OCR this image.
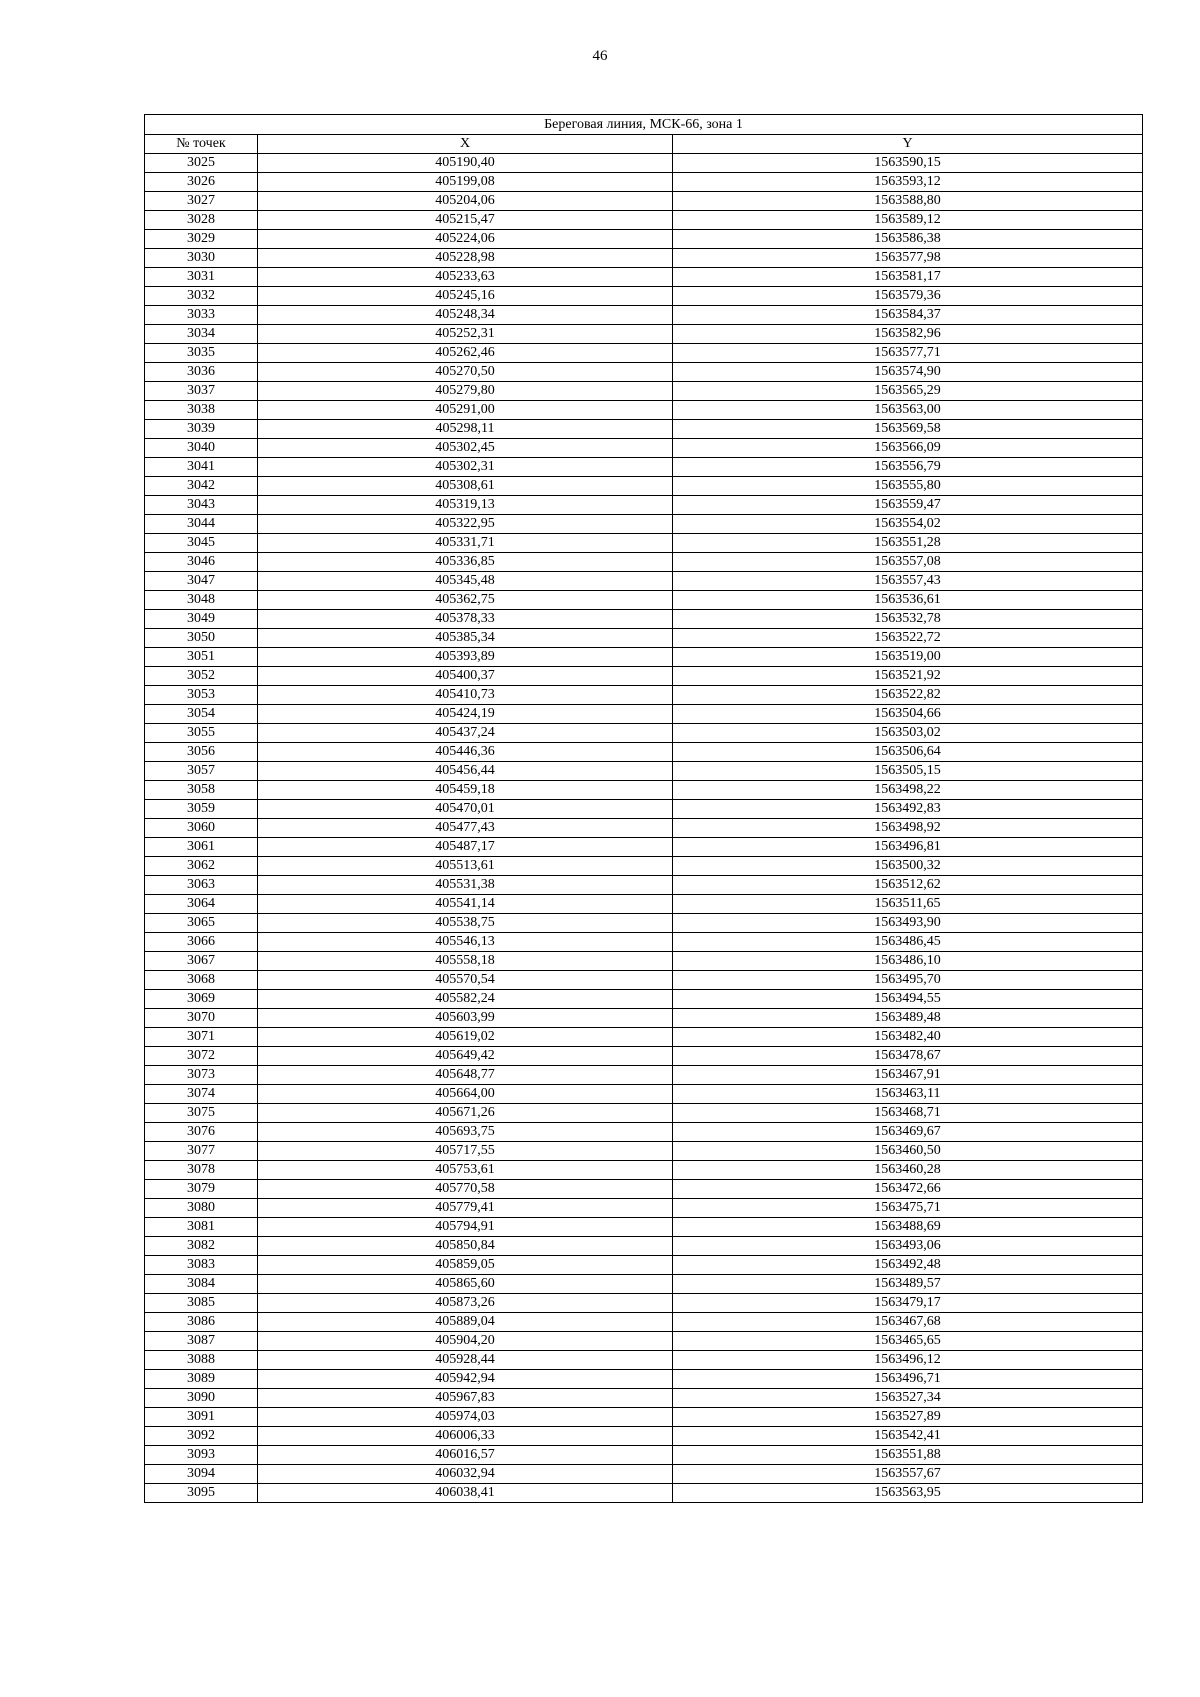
46
Береговая линия, МСК-66, зона 1		
№ точек	X	Y
3025	405190,40	1563590,15
3026	405199,08	1563593,12
3027	405204,06	1563588,80
3028	405215,47	1563589,12
3029	405224,06	1563586,38
3030	405228,98	1563577,98
3031	405233,63	1563581,17
3032	405245,16	1563579,36
3033	405248,34	1563584,37
3034	405252,31	1563582,96
3035	405262,46	1563577,71
3036	405270,50	1563574,90
3037	405279,80	1563565,29
3038	405291,00	1563563,00
3039	405298,11	1563569,58
3040	405302,45	1563566,09
3041	405302,31	1563556,79
3042	405308,61	1563555,80
3043	405319,13	1563559,47
3044	405322,95	1563554,02
3045	405331,71	1563551,28
3046	405336,85	1563557,08
3047	405345,48	1563557,43
3048	405362,75	1563536,61
3049	405378,33	1563532,78
3050	405385,34	1563522,72
3051	405393,89	1563519,00
3052	405400,37	1563521,92
3053	405410,73	1563522,82
3054	405424,19	1563504,66
3055	405437,24	1563503,02
3056	405446,36	1563506,64
3057	405456,44	1563505,15
3058	405459,18	1563498,22
3059	405470,01	1563492,83
3060	405477,43	1563498,92
3061	405487,17	1563496,81
3062	405513,61	1563500,32
3063	405531,38	1563512,62
3064	405541,14	1563511,65
3065	405538,75	1563493,90
3066	405546,13	1563486,45
3067	405558,18	1563486,10
3068	405570,54	1563495,70
3069	405582,24	1563494,55
3070	405603,99	1563489,48
3071	405619,02	1563482,40
3072	405649,42	1563478,67
3073	405648,77	1563467,91
3074	405664,00	1563463,11
3075	405671,26	1563468,71
3076	405693,75	1563469,67
3077	405717,55	1563460,50
3078	405753,61	1563460,28
3079	405770,58	1563472,66
3080	405779,41	1563475,71
3081	405794,91	1563488,69
3082	405850,84	1563493,06
3083	405859,05	1563492,48
3084	405865,60	1563489,57
3085	405873,26	1563479,17
3086	405889,04	1563467,68
3087	405904,20	1563465,65
3088	405928,44	1563496,12
3089	405942,94	1563496,71
3090	405967,83	1563527,34
3091	405974,03	1563527,89
3092	406006,33	1563542,41
3093	406016,57	1563551,88
3094	406032,94	1563557,67
3095	406038,41	1563563,95
